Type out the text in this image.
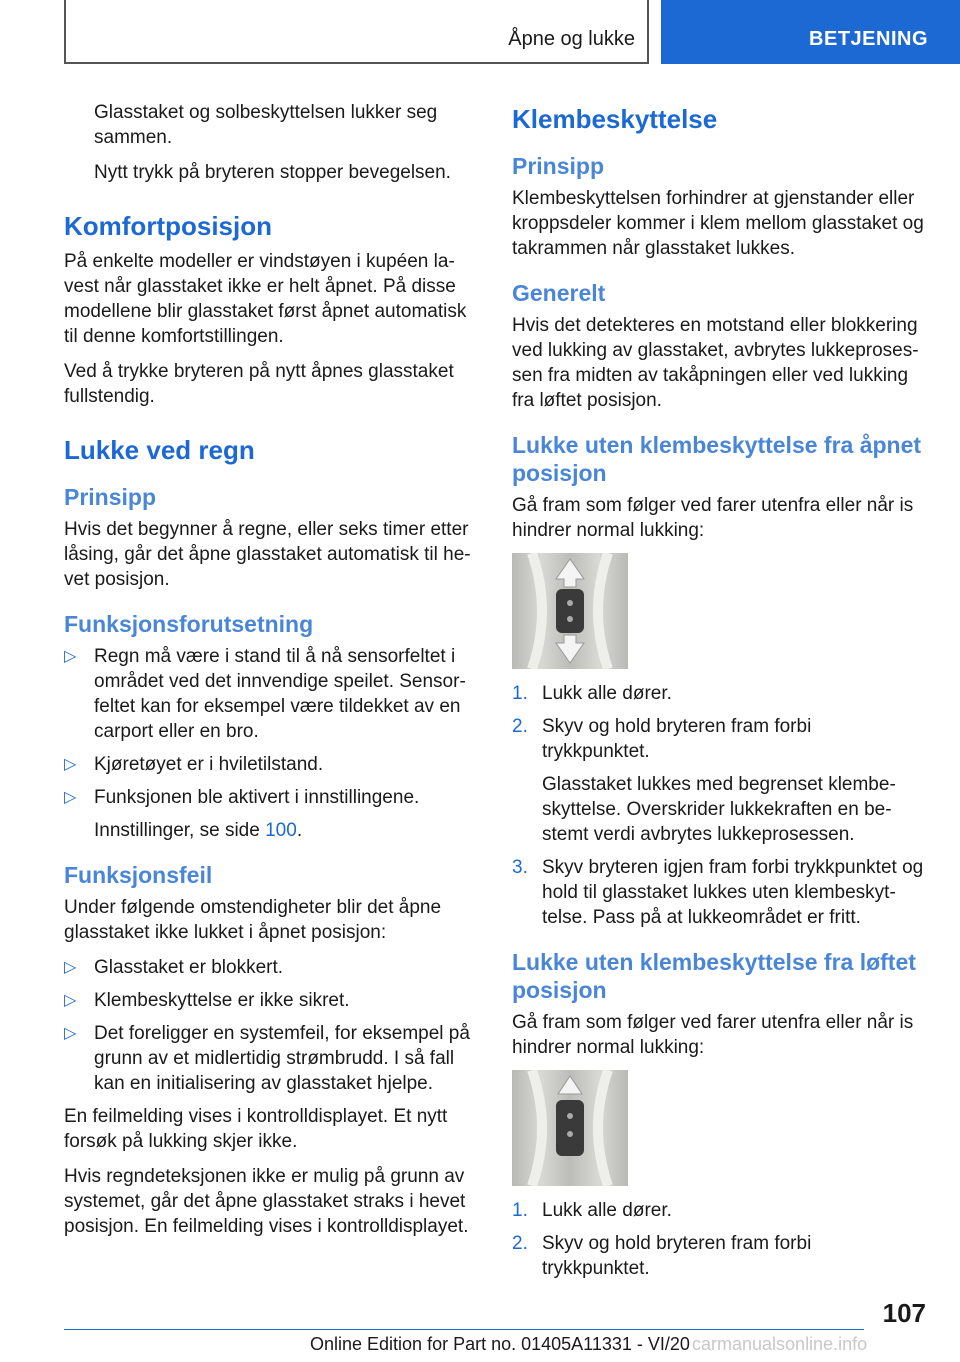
Åpne og lukke	BETJENING

Glasstaket og solbeskyttelsen lukker seg sammen.

Nytt trykk på bryteren stopper bevegelsen.

Komfortposisjon

På enkelte modeller er vindstøyen i kupéen lavest når glasstaket ikke er helt åpnet. På disse modellene blir glasstaket først åpnet automatisk til denne komfortstillingen.

Ved å trykke bryteren på nytt åpnes glasstaket fullstendig.

Lukke ved regn
Prinsipp

Hvis det begynner å regne, eller seks timer etter låsing, går det åpne glasstaket automatisk til hevet posisjon.

Funksjonsforutsetning
▷ Regn må være i stand til å nå sensorfeltet i området ved det innvendige speilet. Sensorfeltet kan for eksempel være tildekket av en carport eller en bro.
▷ Kjøretøyet er i hviletilstand.
▷ Funksjonen ble aktivert i innstillingene.

Innstillinger, se side 100.

Funksjonsfeil

Under følgende omstendigheter blir det åpne glasstaket ikke lukket i åpnet posisjon:

▷ Glasstaket er blokkert.
▷ Klembeskyttelse er ikke sikret.
▷ Det foreligger en systemfeil, for eksempel på grunn av et midlertidig strømbrudd. I så fall kan en initialisering av glasstaket hjelpe.

En feilmelding vises i kontrolldisplayet. Et nytt forsøk på lukking skjer ikke.

Hvis regndeteksjonen ikke er mulig på grunn av systemet, går det åpne glasstaket straks i hevet posisjon. En feilmelding vises i kontrolldisplayet.

Klembeskyttelse
Prinsipp

Klembeskyttelsen forhindrer at gjenstander eller kroppsdeler kommer i klem mellom glasstaket og takrammen når glasstaket lukkes.

Generelt

Hvis det detekteres en motstand eller blokkering ved lukking av glasstaket, avbrytes lukkeprosessen fra midten av takåpningen eller ved lukking fra løftet posisjon.

Lukke uten klembeskyttelse fra åpnet posisjon

Gå fram som følger ved farer utenfra eller når is hindrer normal lukking:

1. Lukk alle dører.
2. Skyv og hold bryteren fram forbi trykkpunktet.
Glasstaket lukkes med begrenset klembeskyttelse. Overskrider lukkekraften en bestemt verdi avbrytes lukkeprosessen.
3. Skyv bryteren igjen fram forbi trykkpunktet og hold til glasstaket lukkes uten klembeskyttelse. Pass på at lukkeområdet er fritt.
Lukke uten klembeskyttelse fra løftet posisjon

Gå fram som følger ved farer utenfra eller når is hindrer normal lukking:

1. Lukk alle dører.
2. Skyv og hold bryteren fram forbi trykkpunktet.
107
Online Edition for Part no. 01405A11331 - VI/20 carmanualsonline.info
